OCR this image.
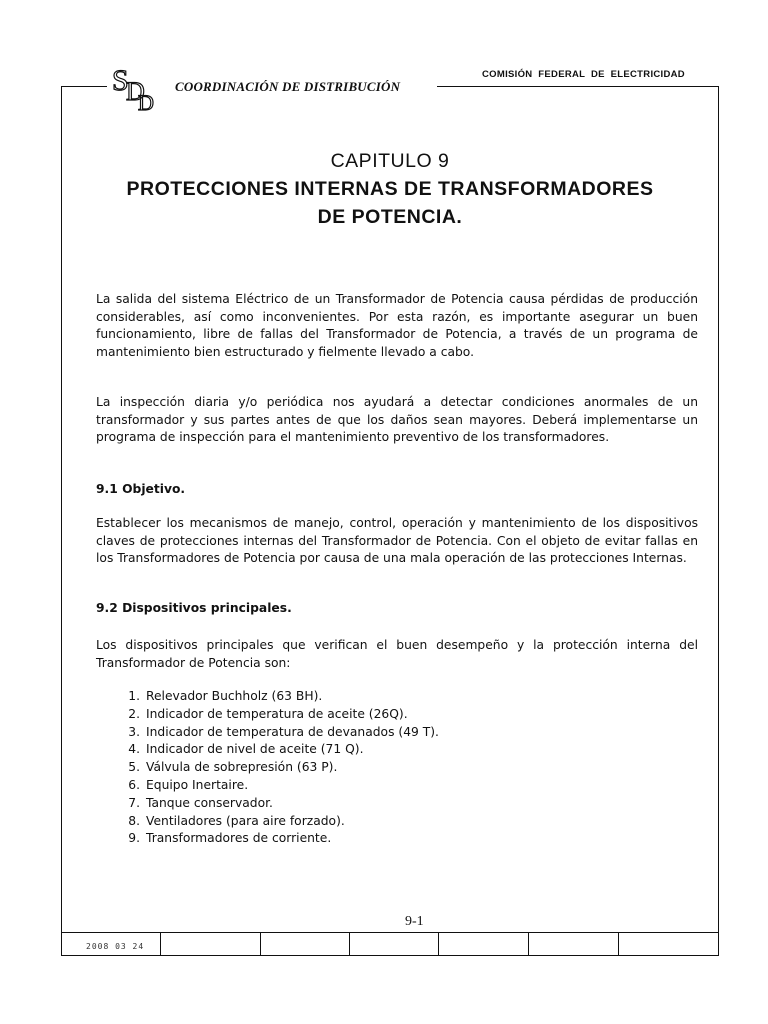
S
D
D
COORDINACIÓN DE DISTRIBUCIÓN
COMISIÓN  FEDERAL  DE  ELECTRICIDAD
CAPITULO 9
PROTECCIONES INTERNAS DE TRANSFORMADORES
DE POTENCIA.
La salida del sistema Eléctrico de un Transformador de Potencia causa pérdidas de producción considerables, así como inconvenientes. Por esta razón, es importante asegurar un buen funcionamiento, libre de fallas del Transformador de Potencia, a través de un programa de mantenimiento bien estructurado y fielmente llevado a cabo.
La inspección diaria y/o periódica nos ayudará a detectar condiciones anormales de un transformador y sus partes antes de que los daños sean mayores. Deberá implementarse un programa de inspección para el mantenimiento preventivo de los transformadores.
9.1 Objetivo.
Establecer los mecanismos de manejo, control, operación y mantenimiento de los dispositivos claves de protecciones internas del Transformador de Potencia. Con el objeto de evitar fallas en los Transformadores de Potencia por causa de una mala operación de las protecciones Internas.
9.2 Dispositivos principales.
Los dispositivos principales que verifican el buen desempeño y la protección interna del Transformador de Potencia son:
1. Relevador Buchholz (63 BH).
2. Indicador de temperatura de aceite (26Q).
3. Indicador de temperatura de devanados (49 T).
4. Indicador de nivel de aceite (71 Q).
5. Válvula de sobrepresión (63 P).
6. Equipo Inertaire.
7. Tanque conservador.
8. Ventiladores (para aire forzado).
9. Transformadores de corriente.
9-1
2008 03 24
